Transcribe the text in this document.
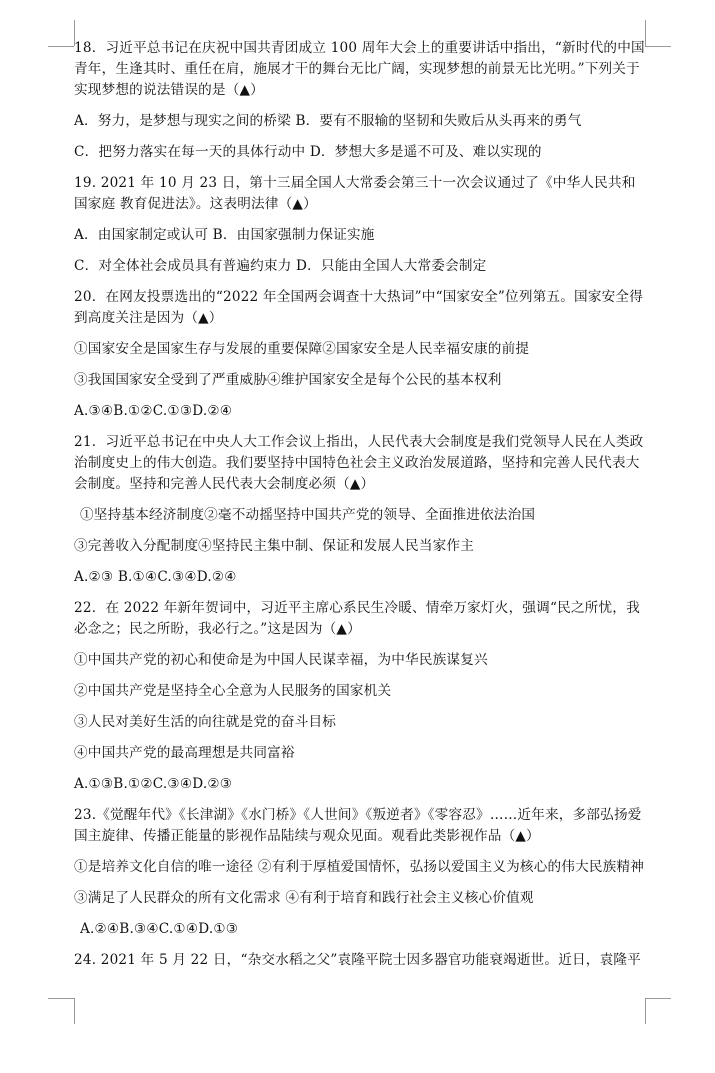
18．习近平总书记在庆祝中国共青团成立 100 周年大会上的重要讲话中指出，“新时代的中国青年，生逢其时、重任在肩，施展才干的舞台无比广阔，实现梦想的前景无比光明。”下列关于实现梦想的说法错误的是（▲）

A．努力，是梦想与现实之间的桥梁 B．要有不服输的坚韧和失败后从头再来的勇气

C．把努力落实在每一天的具体行动中 D．梦想大多是遥不可及、难以实现的

19. 2021 年 10 月 23 日，第十三届全国人大常委会第三十一次会议通过了《中华人民共和国家庭 教育促进法》。这表明法律（▲）

A．由国家制定或认可 B．由国家强制力保证实施

C．对全体社会成员具有普遍约束力 D．只能由全国人大常委会制定

20．在网友投票选出的“2022 年全国两会调查十大热词”中“国家安全”位列第五。国家安全得到高度关注是因为（▲）

①国家安全是国家生存与发展的重要保障②国家安全是人民幸福安康的前提

③我国国家安全受到了严重威胁④维护国家安全是每个公民的基本权利

A.③④B.①②C.①③D.②④

21．习近平总书记在中央人大工作会议上指出，人民代表大会制度是我们党领导人民在人类政治制度史上的伟大创造。我们要坚持中国特色社会主义政治发展道路，坚持和完善人民代表大会制度。坚持和完善人民代表大会制度必须（▲）

①坚持基本经济制度②毫不动摇坚持中国共产党的领导、全面推进依法治国

③完善收入分配制度④坚持民主集中制、保证和发展人民当家作主

A.②③ B.①④C.③④D.②④

22．在 2022 年新年贺词中，习近平主席心系民生冷暖、情牵万家灯火，强调“民之所忧，我必念之；民之所盼，我必行之。”这是因为（▲）

①中国共产党的初心和使命是为中国人民谋幸福，为中华民族谋复兴

②中国共产党是坚持全心全意为人民服务的国家机关

③人民对美好生活的向往就是党的奋斗目标

④中国共产党的最高理想是共同富裕

A.①③B.①②C.③④D.②③

23.《觉醒年代》《长津湖》《水门桥》《人世间》《叛逆者》《零容忍》……近年来，多部弘扬爱国主旋律、传播正能量的影视作品陆续与观众见面。观看此类影视作品（▲）

①是培养文化自信的唯一途径 ②有利于厚植爱国情怀，弘扬以爱国主义为核心的伟大民族精神

③满足了人民群众的所有文化需求 ④有利于培育和践行社会主义核心价值观

A.②④B.③④C.①④D.①③

24. 2021 年 5 月 22 日，“杂交水稻之父”袁隆平院士因多器官功能衰竭逝世。近日，袁隆平
